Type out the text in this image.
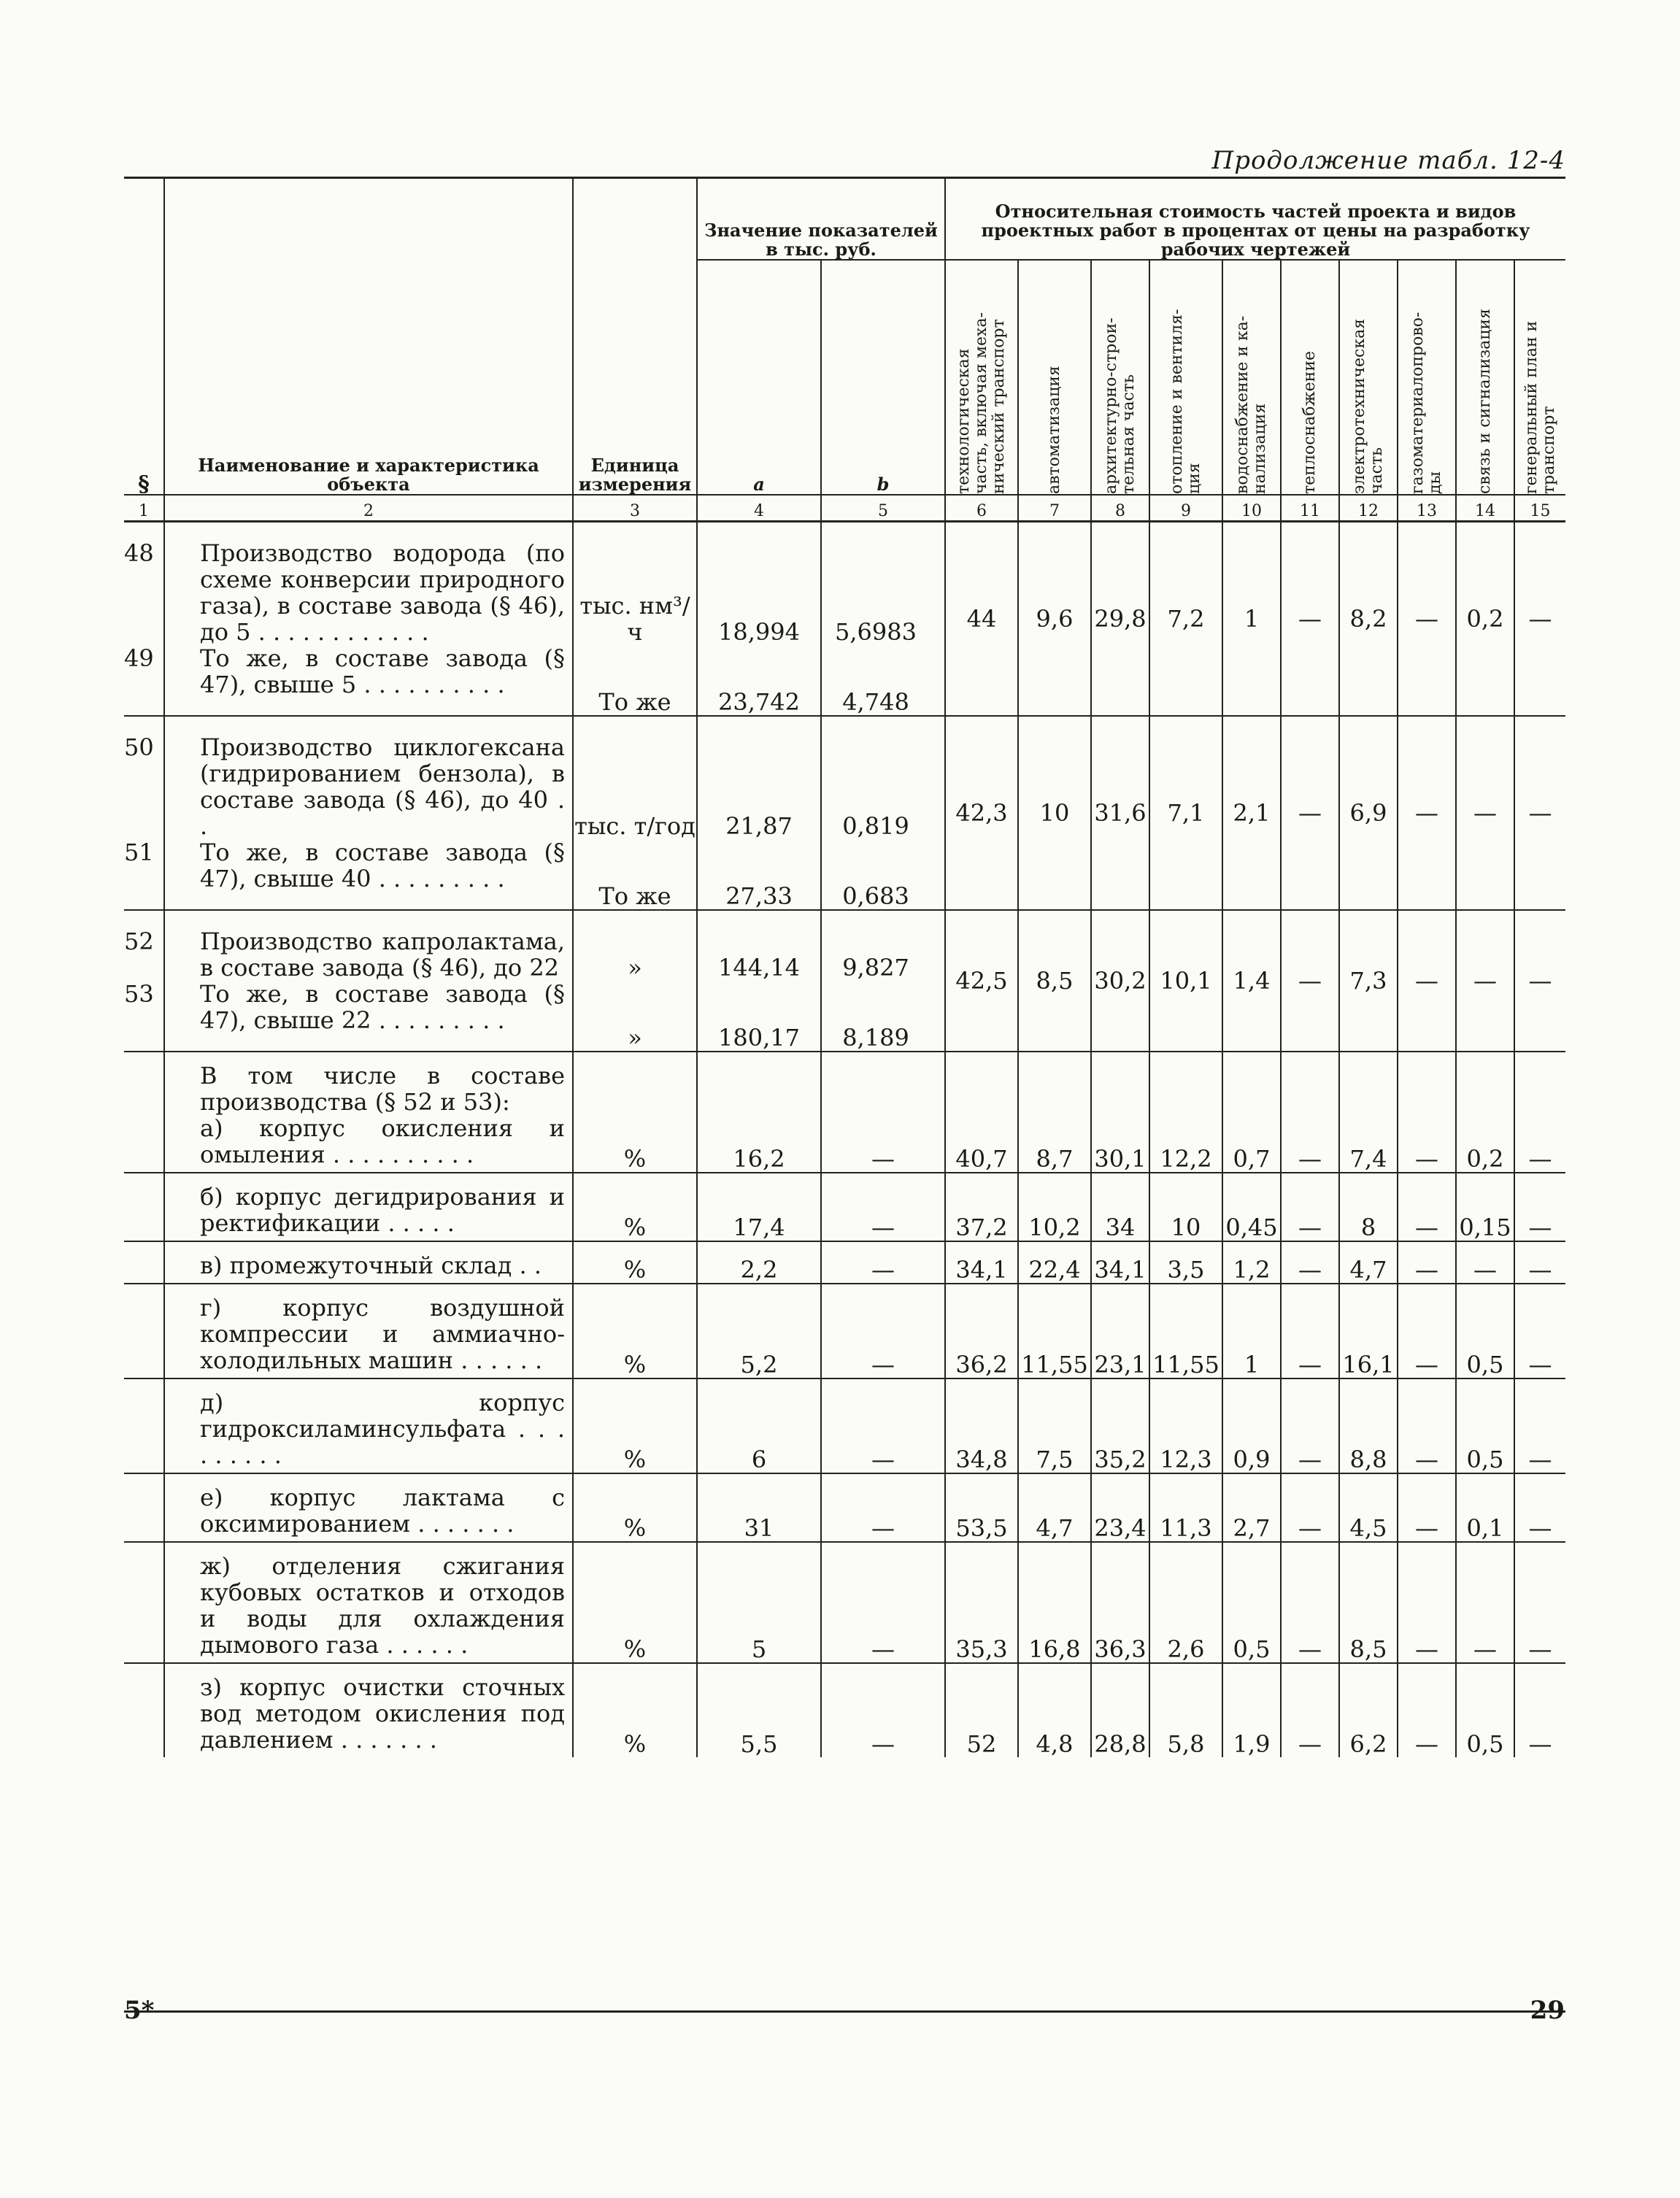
Продолжение табл. 12-4

§	Наименование и характеристика объекта	Единица измерения	Значение показателей в тыс. руб.		Относительная стоимость частей проекта и видов проектных работ в процентах от цены на разработку рабочих чертежей									
			a	b	технологическая
часть, включая меха-
нический транспорт	автоматизация	архитектурно-строи-
тельная часть	отопление и вентиля-
ция	водоснабжение и ка-
нализация	теплоснабжение	электротехническая
часть	газоматериалопрово-
ды	связь и сигнализация	генеральный план и
транспорт

1	2	3	4	5	6	7	8	9	10	11	12	13	14	15
48	Производство водорода (по схеме конверсии природного газа), в составе завода (§ 46), до 5 . . . . . . . . . . . .	тыс. нм³/ч	18,994	5,6983	44	9,6	29,8	7,2	1	—	8,2	—	0,2	—
49	То же, в составе завода (§ 47), свыше 5 . . . . . . . . . .	То же	23,742	4,748										

50	Производство циклогексана (гидрированием бензола), в составе завода (§ 46), до 40 . .	тыс. т/год	21,87	0,819	42,3	10	31,6	7,1	2,1	—	6,9	—	—	—
51	То же, в составе завода (§ 47), свыше 40 . . . . . . . . .	То же	27,33	0,683										

52	Производство капролактама, в составе завода (§ 46), до 22	»	144,14	9,827	42,5	8,5	30,2	10,1	1,4	—	7,3	—	—	—
53	То же, в составе завода (§ 47), свыше 22 . . . . . . . . .	»	180,17	8,189										

	В том числе в составе производства (§ 52 и 53):
а) корпус окисления и омыления . . . . . . . . . .	%	16,2	—	40,7	8,7	30,1	12,2	0,7	—	7,4	—	0,2	—

	б) корпус дегидрирования и ректификации . . . . .	%	17,4	—	37,2	10,2	34	10	0,45	—	8	—	0,15	—

	в) промежуточный склад . .	%	2,2	—	34,1	22,4	34,1	3,5	1,2	—	4,7	—	—	—

	г) корпус воздушной компрессии и аммиачно-холодильных машин . . . . . .	%	5,2	—	36,2	11,55	23,1	11,55	1	—	16,1	—	0,5	—

	д) корпус гидроксиламинсульфата . . . . . . . . .	%	6	—	34,8	7,5	35,2	12,3	0,9	—	8,8	—	0,5	—

	е) корпус лактама с оксимированием . . . . . . .	%	31	—	53,5	4,7	23,4	11,3	2,7	—	4,5	—	0,1	—

	ж) отделения сжигания кубовых остатков и отходов и воды для охлаждения дымового газа . . . . . .	%	5	—	35,3	16,8	36,3	2,6	0,5	—	8,5	—	—	—

	з) корпус очистки сточных вод методом окисления под давлением . . . . . . .	%	5,5	—	52	4,8	28,8	5,8	1,9	—	6,2	—	0,5	—
5*	29
